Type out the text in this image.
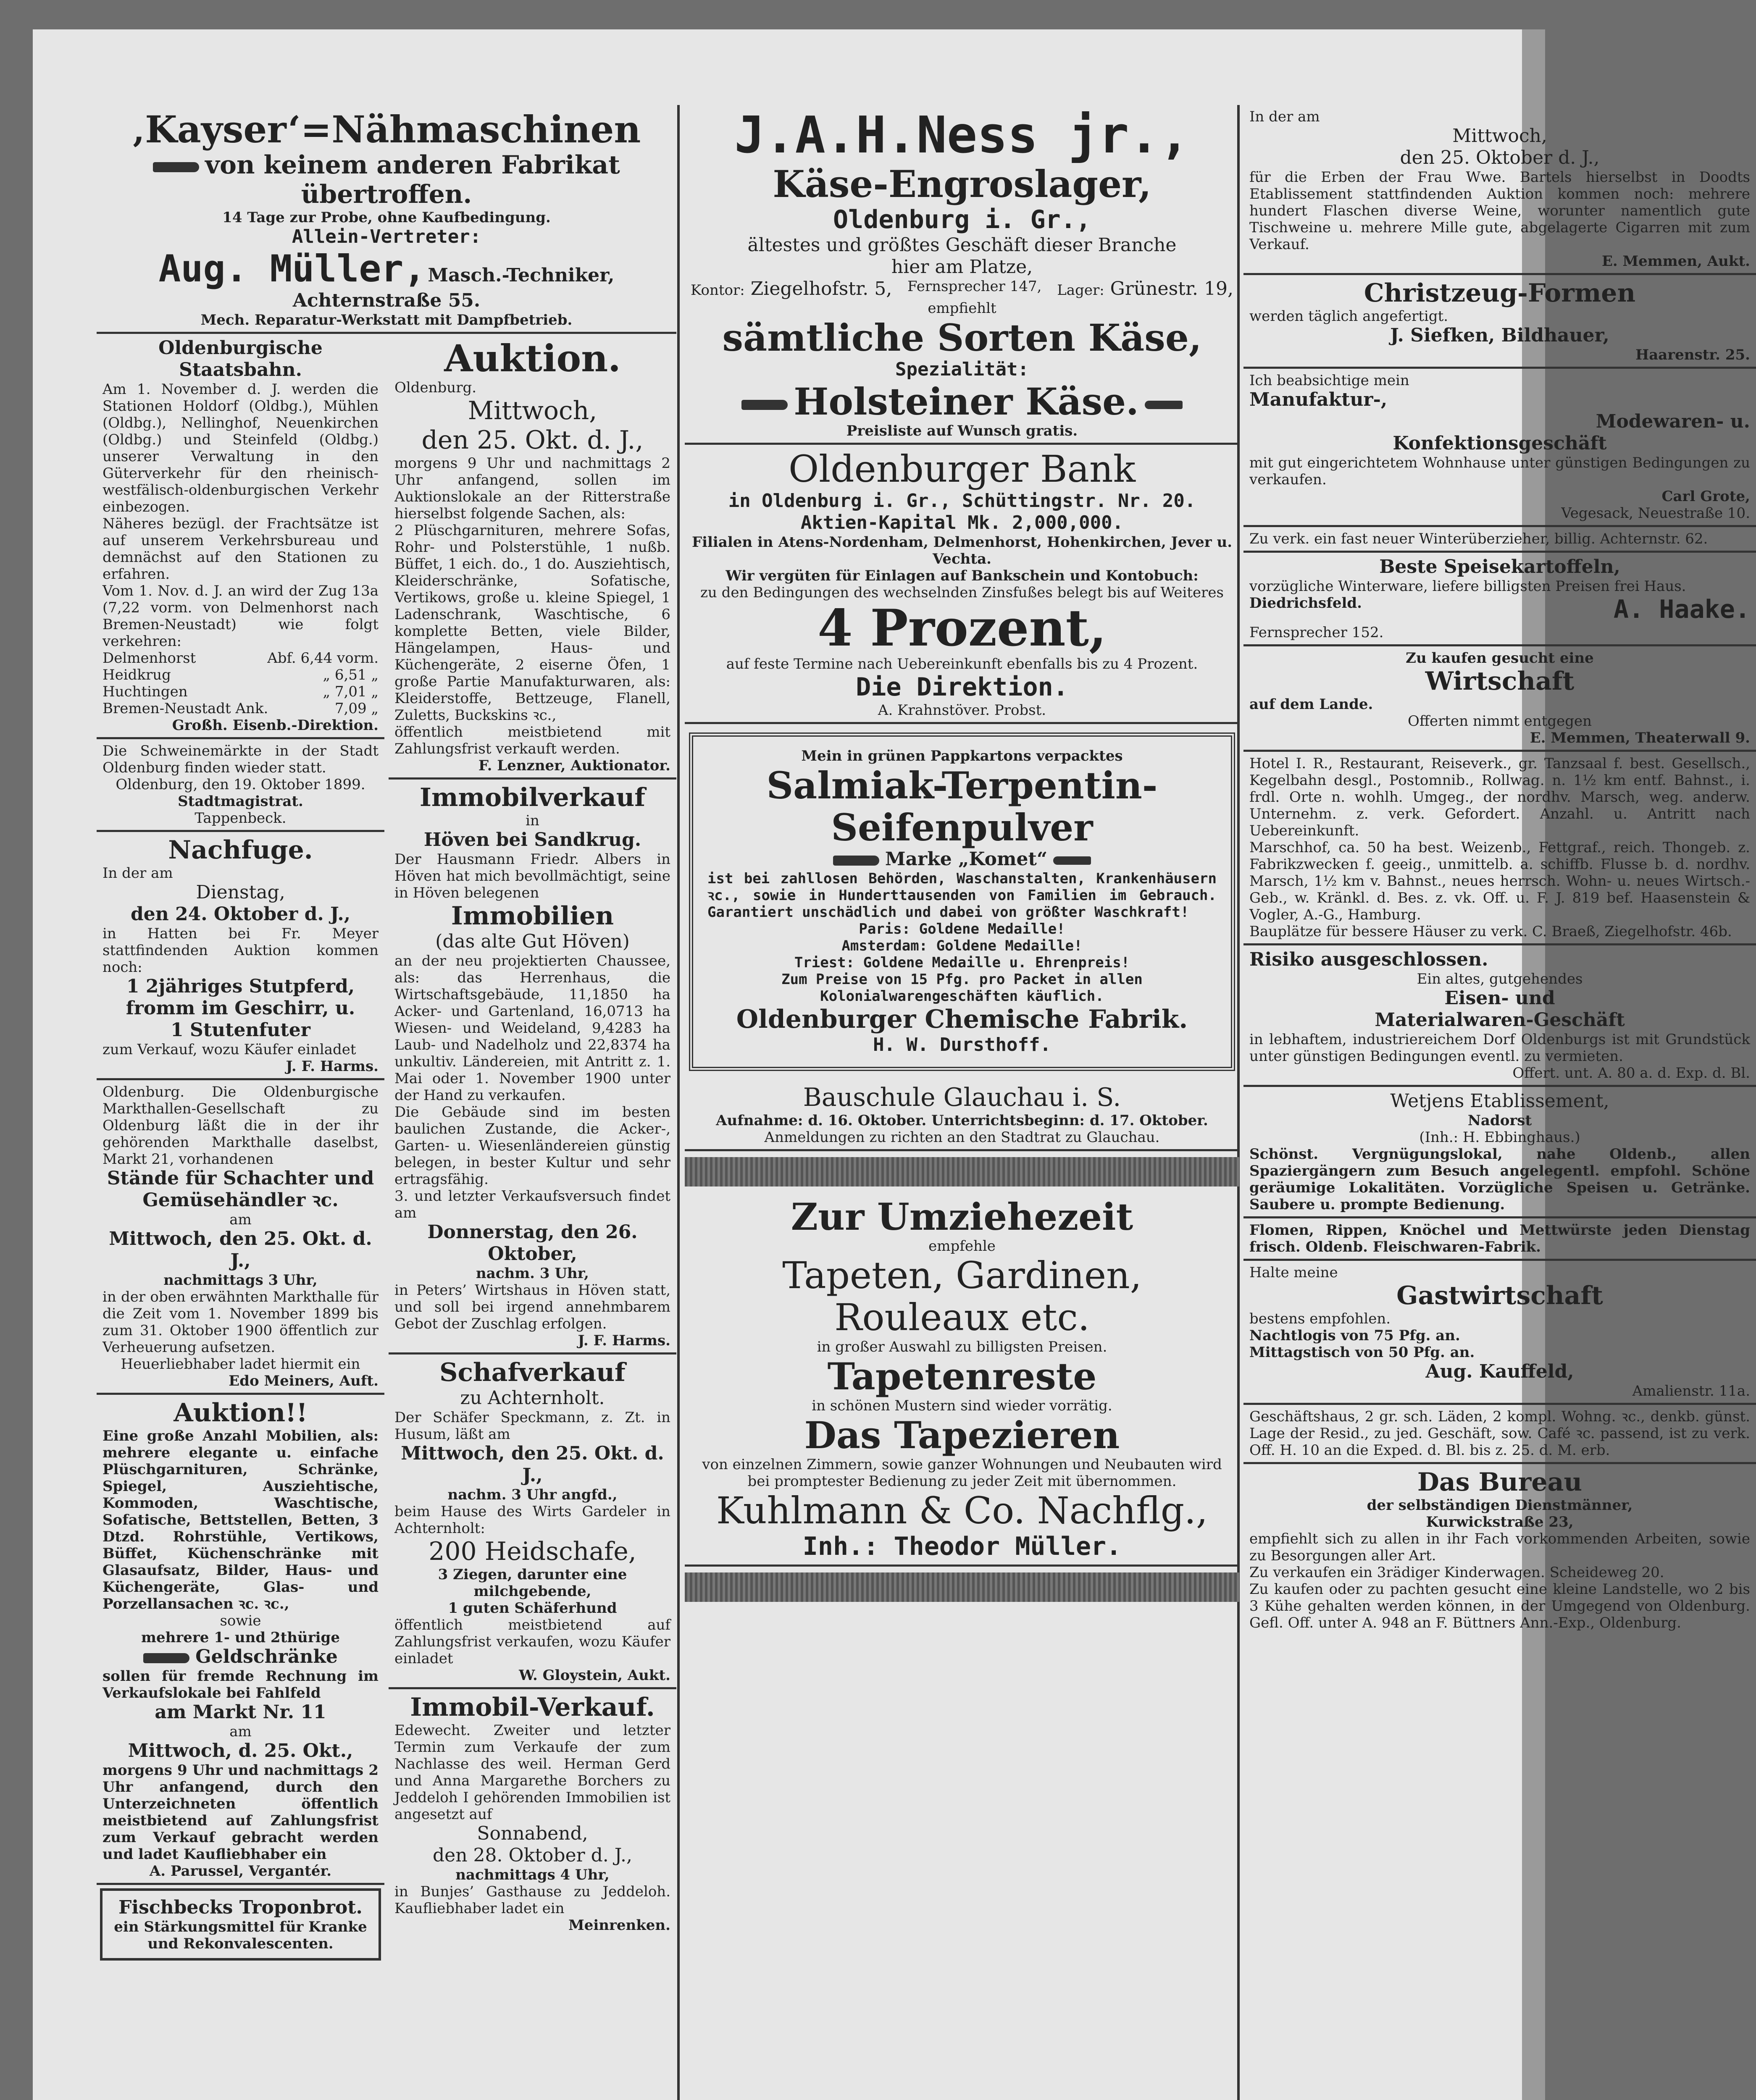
‚Kayser‘=Nähmaschinen
von keinem anderen Fabrikat
übertroffen.
14 Tage zur Probe, ohne Kaufbedingung.
Allein-Vertreter:
Aug. Müller, Masch.-Techniker,
Achternstraße 55.
Mech. Reparatur-Werkstatt mit Dampfbetrieb.
Oldenburgische Staatsbahn.

Am 1. November d. J. werden die Stationen Holdorf (Oldbg.), Mühlen (Oldbg.), Nellinghof, Neuenkirchen (Oldbg.) und Steinfeld (Oldbg.) unserer Verwaltung in den Güterverkehr für den rheinisch-westfälisch-oldenburgischen Verkehr einbezogen.

Näheres bezügl. der Frachtsätze ist auf unserem Verkehrsbureau und demnächst auf den Stationen zu erfahren.

Vom 1. Nov. d. J. an wird der Zug 13a (7,22 vorm. von Delmenhorst nach Bremen-Neustadt) wie folgt verkehren:

Delmenhorst	Abf. 6,44 vorm.
Heidkrug	„ 6,51 „
Huchtingen	„ 7,01 „
Bremen-Neustadt Ank.	7,09 „
Großh. Eisenb.-Direktion.

Die Schweinemärkte in der Stadt Oldenburg finden wieder statt.

Oldenburg, den 19. Oktober 1899.

Stadtmagistrat.

Tappenbeck.

Nachfuge.

In der am

Dienstag,

den 24. Oktober d. J.,

in Hatten bei Fr. Meyer stattfindenden Auktion kommen noch:

1 2jähriges Stutpferd,

fromm im Geschirr, u.

1 Stutenfuter

zum Verkauf, wozu Käufer einladet

J. F. Harms.

Oldenburg. Die Oldenburgische Markthallen-Gesellschaft zu Oldenburg läßt die in der ihr gehörenden Markthalle daselbst, Markt 21, vorhandenen

Stände für Schachter und Gemüsehändler ꝛc.

am

Mittwoch, den 25. Okt. d. J.,

nachmittags 3 Uhr,

in der oben erwähnten Markthalle für die Zeit vom 1. November 1899 bis zum 31. Oktober 1900 öffentlich zur Verheuerung aufsetzen.

Heuerliebhaber ladet hiermit ein

Edo Meiners, Auft.

Auktion!!

Eine große Anzahl Mobilien, als: mehrere elegante u. einfache Plüschgarnituren, Schränke, Spiegel, Ausziehtische, Kommoden, Waschtische, Sofatische, Bettstellen, Betten, 3 Dtzd. Rohrstühle, Vertikows, Büffet, Küchenschränke mit Glasaufsatz, Bilder, Haus- und Küchengeräte, Glas- und Porzellansachen ꝛc. ꝛc.,

sowie

mehrere 1- und 2thürige

Geldschränke

sollen für fremde Rechnung im Verkaufslokale bei Fahlfeld

am Markt Nr. 11

am

Mittwoch, d. 25. Okt.,

morgens 9 Uhr und nachmittags 2 Uhr anfangend, durch den Unterzeichneten öffentlich meistbietend auf Zahlungsfrist zum Verkauf gebracht werden und ladet Kaufliebhaber ein

A. Parussel, Vergantér.

Fischbecks Troponbrot.

ein Stärkungsmittel für Kranke

und Rekonvalescenten.

Auktion.

Oldenburg.

Mittwoch,

den 25. Okt. d. J.,

morgens 9 Uhr und nachmittags 2 Uhr anfangend, sollen im Auktionslokale an der Ritterstraße hierselbst folgende Sachen, als:

2 Plüschgarnituren, mehrere Sofas, Rohr- und Polsterstühle, 1 nußb. Büffet, 1 eich. do., 1 do. Ausziehtisch, Kleiderschränke, Sofatische, Vertikows, große u. kleine Spiegel, 1 Ladenschrank, Waschtische, 6 komplette Betten, viele Bilder, Hängelampen, Haus- und Küchengeräte, 2 eiserne Öfen, 1 große Partie Manufakturwaren, als: Kleiderstoffe, Bettzeuge, Flanell, Zuletts, Buckskins ꝛc.,

öffentlich meistbietend mit Zahlungsfrist verkauft werden.

F. Lenzner, Auktionator.

Immobilverkauf

in

Höven bei Sandkrug.

Der Hausmann Friedr. Albers in Höven hat mich bevollmächtigt, seine in Höven belegenen

Immobilien

(das alte Gut Höven)

an der neu projektierten Chaussee, als: das Herrenhaus, die Wirtschaftsgebäude, 11,1850 ha Acker- und Gartenland, 16,0713 ha Wiesen- und Weideland, 9,4283 ha Laub- und Nadelholz und 22,8374 ha unkultiv. Ländereien, mit Antritt z. 1. Mai oder 1. November 1900 unter der Hand zu verkaufen.

Die Gebäude sind im besten baulichen Zustande, die Acker-, Garten- u. Wiesenländereien günstig belegen, in bester Kultur und sehr ertragsfähig.

3. und letzter Verkaufsversuch findet am

Donnerstag, den 26. Oktober,

nachm. 3 Uhr,

in Peters’ Wirtshaus in Höven statt, und soll bei irgend annehmbarem Gebot der Zuschlag erfolgen.

J. F. Harms.

Schafverkauf

zu Achternholt.

Der Schäfer Speckmann, z. Zt. in Husum, läßt am

Mittwoch, den 25. Okt. d. J.,

nachm. 3 Uhr angfd.,

beim Hause des Wirts Gardeler in Achternholt:

200 Heidschafe,

3 Ziegen, darunter eine milchgebende,

1 guten Schäferhund

öffentlich meistbietend auf Zahlungsfrist verkaufen, wozu Käufer einladet

W. Gloystein, Aukt.

Immobil-Verkauf.

Edewecht. Zweiter und letzter Termin zum Verkaufe der zum Nachlasse des weil. Herman Gerd und Anna Margarethe Borchers zu Jeddeloh I gehörenden Immobilien ist angesetzt auf

Sonnabend,

den 28. Oktober d. J.,

nachmittags 4 Uhr,

in Bunjes’ Gasthause zu Jeddeloh. Kaufliebhaber ladet ein

Meinrenken.

J.A.H.Ness jr.,
Käse-Engroslager,
Oldenburg i. Gr.,
ältestes und größtes Geschäft dieser Branche
hier am Platze,
Kontor: Ziegelhofstr. 5, Fernsprecher 147, Lager: Grünestr. 19,
empfiehlt
sämtliche Sorten Käse,
Spezialität:
Holsteiner Käse.
Preisliste auf Wunsch gratis.
Oldenburger Bank
in Oldenburg i. Gr., Schüttingstr. Nr. 20.
Aktien-Kapital Mk. 2,000,000.
Filialen in Atens-Nordenham, Delmenhorst, Hohenkirchen, Jever u. Vechta.
Wir vergüten für Einlagen auf Bankschein und Kontobuch:
zu den Bedingungen des wechselnden Zinsfußes belegt bis auf Weiteres
4 Prozent,
auf feste Termine nach Uebereinkunft ebenfalls bis zu 4 Prozent.
Die Direktion.
A. Krahnstöver. Probst.
Mein in grünen Pappkartons verpacktes
Salmiak-Terpentin-
Seifenpulver
Marke „Komet“
ist bei zahllosen Behörden, Waschanstalten, Krankenhäusern ꝛc., sowie in Hunderttausenden von Familien im Gebrauch. Garantiert unschädlich und dabei von größter Waschkraft!
Paris: Goldene Medaille!
Amsterdam: Goldene Medaille!
Triest: Goldene Medaille u. Ehrenpreis!
Zum Preise von 15 Pfg. pro Packet in allen Kolonialwarengeschäften käuflich.
Oldenburger Chemische Fabrik.
H. W. Dursthoff.
Bauschule Glauchau i. S.
Aufnahme: d. 16. Oktober. Unterrichtsbeginn: d. 17. Oktober.
Anmeldungen zu richten an den Stadtrat zu Glauchau.
Zur Umziehezeit
empfehle
Tapeten, Gardinen, Rouleaux etc.
in großer Auswahl zu billigsten Preisen.
Tapetenreste
in schönen Mustern sind wieder vorrätig.
Das Tapezieren
von einzelnen Zimmern, sowie ganzer Wohnungen und Neubauten wird bei promptester Bedienung zu jeder Zeit mit übernommen.
Kuhlmann & Co. Nachflg.,
Inh.: Theodor Müller.

In der am

Mittwoch,

den 25. Oktober d. J.,

für die Erben der Frau Wwe. Bartels hierselbst in Doodts Etablissement stattfindenden Auktion kommen noch: mehrere hundert Flaschen diverse Weine, worunter namentlich gute Tischweine u. mehrere Mille gute, abgelagerte Cigarren mit zum Verkauf.

E. Memmen, Aukt.

Christzeug-Formen

werden täglich angefertigt.

J. Siefken, Bildhauer,

Haarenstr. 25.

Ich beabsichtige mein

Manufaktur-,

Modewaren- u.

Konfektionsgeschäft

mit gut eingerichtetem Wohnhause unter günstigen Bedingungen zu verkaufen.

Carl Grote,

Vegesack, Neuestraße 10.

Zu verk. ein fast neuer Winterüberzieher, billig. Achternstr. 62.

Beste Speisekartoffeln,

vorzügliche Winterware, liefere billigsten Preisen frei Haus.

Diedrichsfeld.	A. Haake.

Fernsprecher 152.

Zu kaufen gesucht eine

Wirtschaft

auf dem Lande.

Offerten nimmt entgegen

E. Memmen, Theaterwall 9.

Hotel I. R., Restaurant, Reiseverk., gr. Tanzsaal f. best. Gesellsch., Kegelbahn desgl., Postomnib., Rollwag. n. 1½ km entf. Bahnst., i. frdl. Orte n. wohlh. Umgeg., der nordhv. Marsch, weg. anderw. Unternehm. z. verk. Gefordert. Anzahl. u. Antritt nach Uebereinkunft.

Marschhof, ca. 50 ha best. Weizenb., Fettgraf., reich. Thongeb. z. Fabrikzwecken f. geeig., unmittelb. a. schiffb. Flusse b. d. nordhv. Marsch, 1½ km v. Bahnst., neues herrsch. Wohn- u. neues Wirtsch.-Geb., w. Kränkl. d. Bes. z. vk. Off. u. F. J. 819 bef. Haasenstein & Vogler, A.-G., Hamburg.

Bauplätze für bessere Häuser zu verk. C. Braeß, Ziegelhofstr. 46b.

Risiko ausgeschlossen.

Ein altes, gutgehendes

Eisen- und

Materialwaren-Geschäft

in lebhaftem, industriereichem Dorf Oldenburgs ist mit Grundstück unter günstigen Bedingungen eventl. zu vermieten.

Offert. unt. A. 80 a. d. Exp. d. Bl.

Wetjens Etablissement,

Nadorst

(Inh.: H. Ebbinghaus.)

Schönst. Vergnügungslokal, nahe Oldenb., allen Spaziergängern zum Besuch angelegentl. empfohl. Schöne geräumige Lokalitäten. Vorzügliche Speisen u. Getränke. Saubere u. prompte Bedienung.

Flomen, Rippen, Knöchel und Mettwürste jeden Dienstag frisch. Oldenb. Fleischwaren-Fabrik.

Halte meine

Gastwirtschaft

bestens empfohlen.

Nachtlogis von 75 Pfg. an.

Mittagstisch von 50 Pfg. an.

Aug. Kauffeld,

Amalienstr. 11a.

Geschäftshaus, 2 gr. sch. Läden, 2 kompl. Wohng. ꝛc., denkb. günst. Lage der Resid., zu jed. Geschäft, sow. Café ꝛc. passend, ist zu verk. Off. H. 10 an die Exped. d. Bl. bis z. 25. d. M. erb.

Das Bureau

der selbständigen Dienstmänner,

Kurwickstraße 23,

empfiehlt sich zu allen in ihr Fach vorkommenden Arbeiten, sowie zu Besorgungen aller Art.

Zu verkaufen ein 3rädiger Kinderwagen. Scheideweg 20.

Zu kaufen oder zu pachten gesucht eine kleine Landstelle, wo 2 bis 3 Kühe gehalten werden können, in der Umgegend von Oldenburg. Gefl. Off. unter A. 948 an F. Büttners Ann.-Exp., Oldenburg.
